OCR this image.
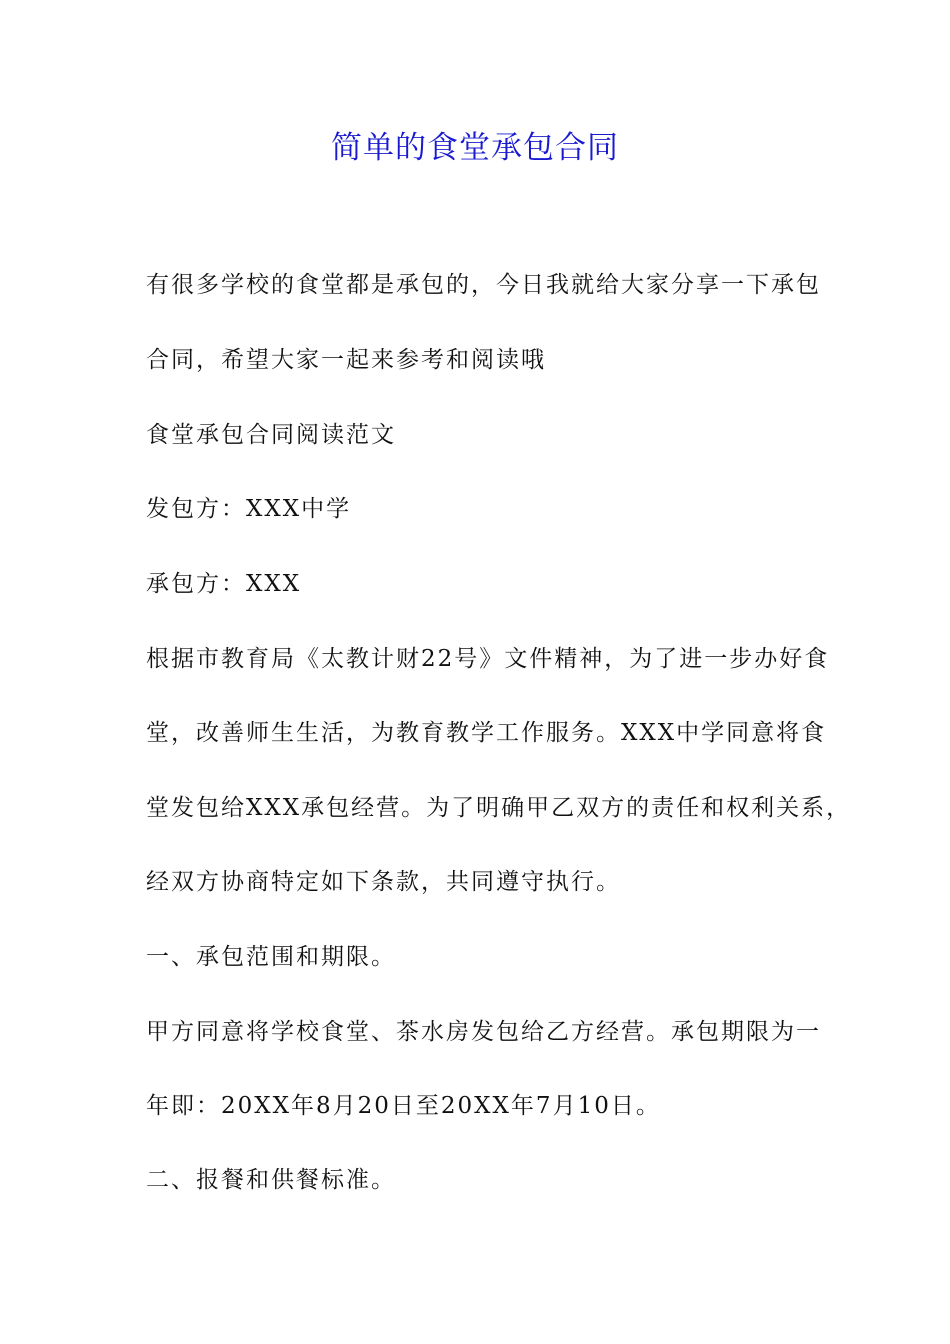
简单的食堂承包合同
有很多学校的食堂都是承包的，今日我就给大家分享一下承包
合同，希望大家一起来参考和阅读哦
食堂承包合同阅读范文
发包方：XXX中学
承包方：XXX
根据市教育局《太教计财22号》文件精神，为了进一步办好食
堂，改善师生生活，为教育教学工作服务。XXX中学同意将食
堂发包给XXX承包经营。为了明确甲乙双方的责任和权利关系，
经双方协商特定如下条款，共同遵守执行。
一、承包范围和期限。
甲方同意将学校食堂、茶水房发包给乙方经营。承包期限为一
年即：20XX年8月20日至20XX年7月10日。
二、报餐和供餐标准。
